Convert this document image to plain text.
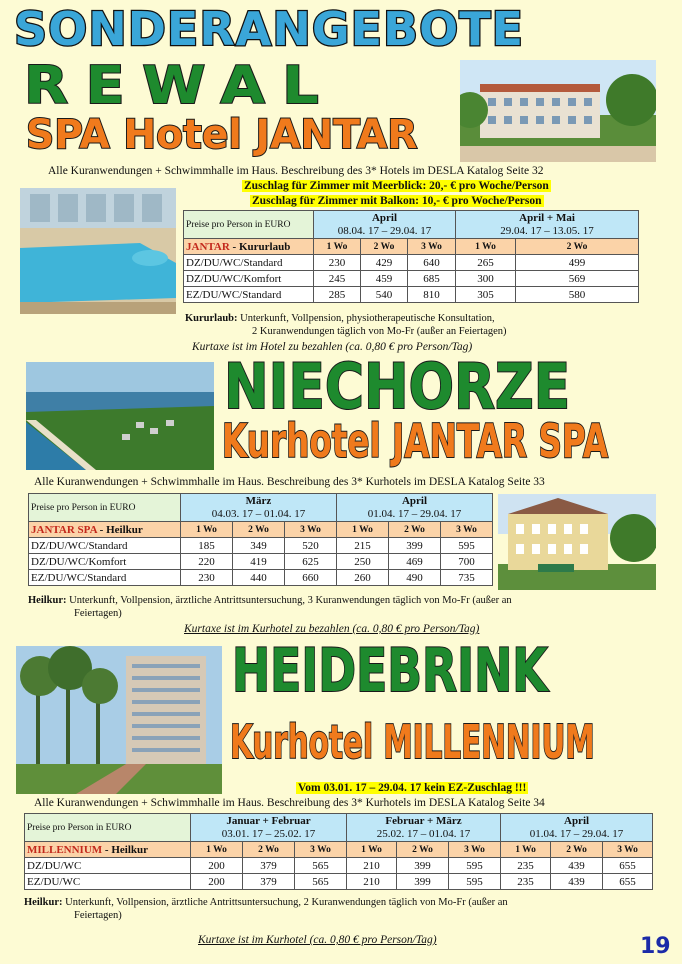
SONDERANGEBOTE
REWAL
SPA Hotel JANTAR
Alle Kuranwendungen + Schwimmhalle im Haus. Beschreibung des 3* Hotels im DESLA Katalog Seite 32
Zuschlag für Zimmer mit Meerblick: 20,- € pro Woche/Person
Zuschlag für Zimmer mit Balkon: 10,- € pro Woche/Person
Preise pro Person in EURO	April
08.04. 17 – 29.04. 17			April + Mai
29.04. 17 – 13.05. 17	
JANTAR - Kururlaub	1 Wo	2 Wo	3 Wo	1 Wo	2 Wo
DZ/DU/WC/Standard	230	429	640	265	499
DZ/DU/WC/Komfort	245	459	685	300	569
EZ/DU/WC/Standard	285	540	810	305	580
Kururlaub: Unterkunft, Vollpension, physiotherapeutische Konsultation,
2 Kuranwendungen täglich von Mo-Fr (außer an Feiertagen)
Kurtaxe ist im Hotel zu bezahlen (ca. 0,80 € pro Person/Tag)
NIECHORZE
Kurhotel JANTAR SPA
Alle Kuranwendungen + Schwimmhalle im Haus. Beschreibung des 3* Kurhotels im DESLA Katalog Seite 33
Preise pro Person in EURO	März
04.03. 17 – 01.04. 17			April
01.04. 17 – 29.04. 17		
JANTAR SPA - Heilkur	1 Wo	2 Wo	3 Wo	1 Wo	2 Wo	3 Wo
DZ/DU/WC/Standard	185	349	520	215	399	595
DZ/DU/WC/Komfort	220	419	625	250	469	700
EZ/DU/WC/Standard	230	440	660	260	490	735
Heilkur: Unterkunft, Vollpension, ärztliche Antrittsuntersuchung, 3 Kuranwendungen täglich von Mo-Fr (außer an
Feiertagen)
Kurtaxe ist im Kurhotel zu bezahlen (ca. 0,80 € pro Person/Tag)
HEIDEBRINK
Kurhotel MILLENNIUM
Vom 03.01. 17 – 29.04. 17 kein EZ-Zuschlag !!!
Alle Kuranwendungen + Schwimmhalle im Haus. Beschreibung des 3* Kurhotels im DESLA Katalog Seite 34
Preise pro Person in EURO	Januar + Februar
03.01. 17 – 25.02. 17			Februar + März
25.02. 17 – 01.04. 17			April
01.04. 17 – 29.04. 17		
MILLENNIUM - Heilkur	1 Wo	2 Wo	3 Wo	1 Wo	2 Wo	3 Wo	1 Wo	2 Wo	3 Wo
DZ/DU/WC	200	379	565	210	399	595	235	439	655
EZ/DU/WC	200	379	565	210	399	595	235	439	655
Heilkur: Unterkunft, Vollpension, ärztliche Antrittsuntersuchung, 2 Kuranwendungen täglich von Mo-Fr (außer an
Feiertagen)
Kurtaxe ist im Kurhotel (ca. 0,80 € pro Person/Tag)	19
